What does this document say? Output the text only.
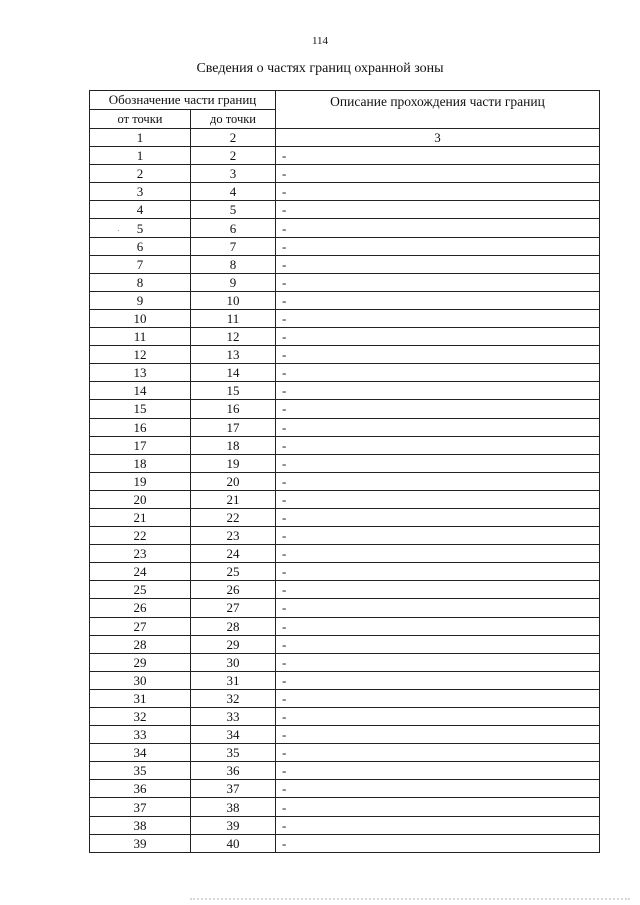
114
Сведения о частях границ охранной зоны
Обозначение части границ		Описание прохождения части границ
от точки	до точки	
1	2	3
1	2	-
2	3	-
3	4	-
4	5	-
5	6	-
6	7	-
7	8	-
8	9	-
9	10	-
10	11	-
11	12	-
12	13	-
13	14	-
14	15	-
15	16	-
16	17	-
17	18	-
18	19	-
19	20	-
20	21	-
21	22	-
22	23	-
23	24	-
24	25	-
25	26	-
26	27	-
27	28	-
28	29	-
29	30	-
30	31	-
31	32	-
32	33	-
33	34	-
34	35	-
35	36	-
36	37	-
37	38	-
38	39	-
39	40	-
